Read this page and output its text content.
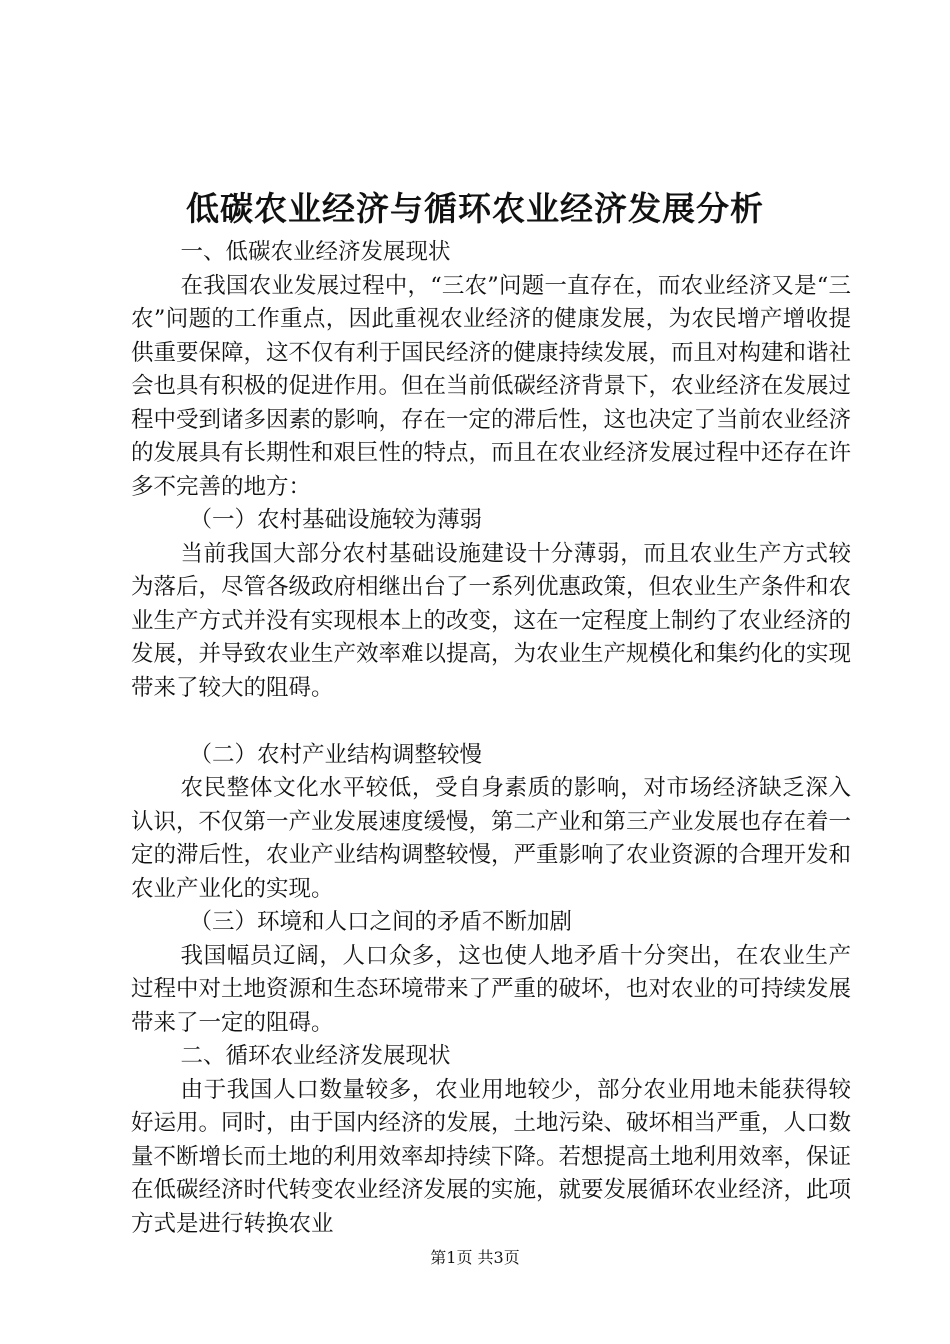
低碳农业经济与循环农业经济发展分析

一、低碳农业经济发展现状

在我国农业发展过程中，“三农”问题一直存在，而农业经济又是“三农”问题的工作重点，因此重视农业经济的健康发展，为农民增产增收提供重要保障，这不仅有利于国民经济的健康持续发展，而且对构建和谐社会也具有积极的促进作用。但在当前低碳经济背景下，农业经济在发展过程中受到诸多因素的影响，存在一定的滞后性，这也决定了当前农业经济的发展具有长期性和艰巨性的特点，而且在农业经济发展过程中还存在许多不完善的地方：

（一）农村基础设施较为薄弱

当前我国大部分农村基础设施建设十分薄弱，而且农业生产方式较为落后，尽管各级政府相继出台了一系列优惠政策，但农业生产条件和农业生产方式并没有实现根本上的改变，这在一定程度上制约了农业经济的发展，并导致农业生产效率难以提高，为农业生产规模化和集约化的实现带来了较大的阻碍。

（二）农村产业结构调整较慢

农民整体文化水平较低，受自身素质的影响，对市场经济缺乏深入认识，不仅第一产业发展速度缓慢，第二产业和第三产业发展也存在着一定的滞后性，农业产业结构调整较慢，严重影响了农业资源的合理开发和农业产业化的实现。

（三）环境和人口之间的矛盾不断加剧

我国幅员辽阔，人口众多，这也使人地矛盾十分突出，在农业生产过程中对土地资源和生态环境带来了严重的破坏，也对农业的可持续发展带来了一定的阻碍。

二、循环农业经济发展现状

由于我国人口数量较多，农业用地较少，部分农业用地未能获得较好运用。同时，由于国内经济的发展，土地污染、破坏相当严重，人口数量不断增长而土地的利用效率却持续下降。若想提高土地利用效率，保证在低碳经济时代转变农业经济发展的实施，就要发展循环农业经济，此项方式是进行转换农业

第1页 共3页
